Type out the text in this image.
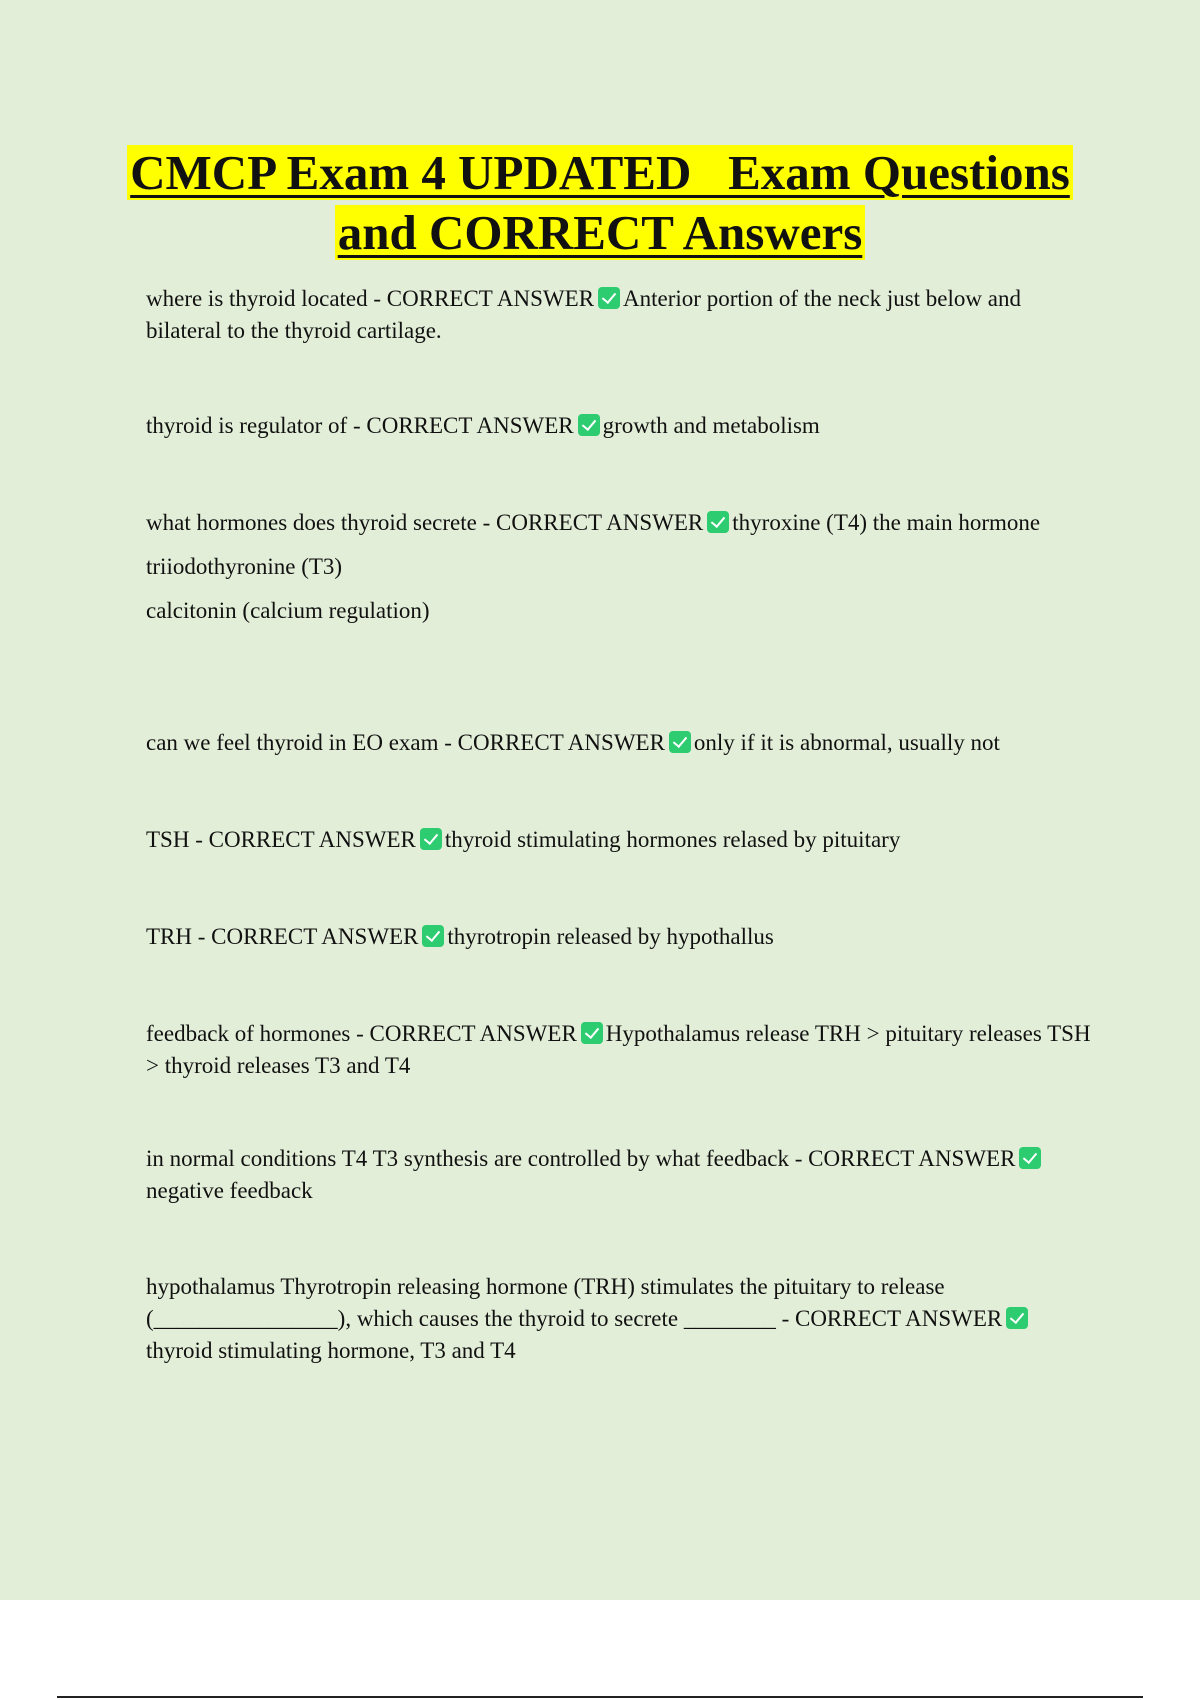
CMCP Exam 4 UPDATED   Exam Questions
and CORRECT Answers

where is thyroid located - CORRECT ANSWER Anterior portion of the neck just below and bilateral to the thyroid cartilage.

thyroid is regulator of - CORRECT ANSWER growth and metabolism

what hormones does thyroid secrete - CORRECT ANSWER thyroxine (T4) the main hormone
triiodothyronine (T3)
calcitonin (calcium regulation)

can we feel thyroid in EO exam - CORRECT ANSWER only if it is abnormal, usually not

TSH - CORRECT ANSWER thyroid stimulating hormones relased by pituitary

TRH - CORRECT ANSWER thyrotropin released by hypothallus

feedback of hormones - CORRECT ANSWER Hypothalamus release TRH > pituitary releases TSH > thyroid releases T3 and T4

in normal conditions T4 T3 synthesis are controlled by what feedback - CORRECT ANSWERnegative feedback

hypothalamus Thyrotropin releasing hormone (TRH) stimulates the pituitary to release (________________), which causes the thyroid to secrete ________ - CORRECT ANSWERthyroid stimulating hormone, T3 and T4
